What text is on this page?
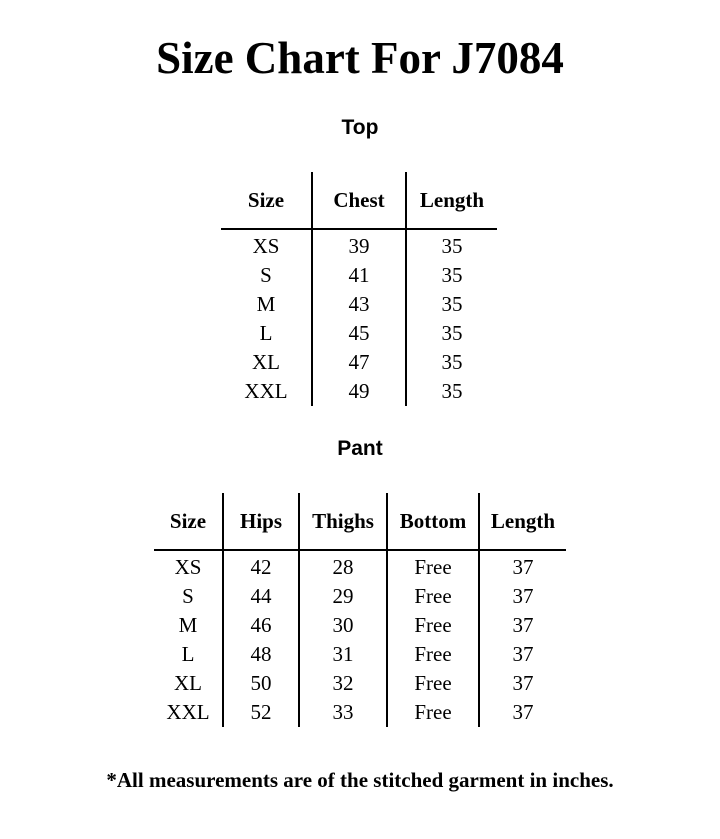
Size Chart For J7084
Top
Size	Chest	Length
XS	39	35
S	41	35
M	43	35
L	45	35
XL	47	35
XXL	49	35
Pant
Size	Hips	Thighs	Bottom	Length
XS	42	28	Free	37
S	44	29	Free	37
M	46	30	Free	37
L	48	31	Free	37
XL	50	32	Free	37
XXL	52	33	Free	37

*All measurements are of the stitched garment in inches.
